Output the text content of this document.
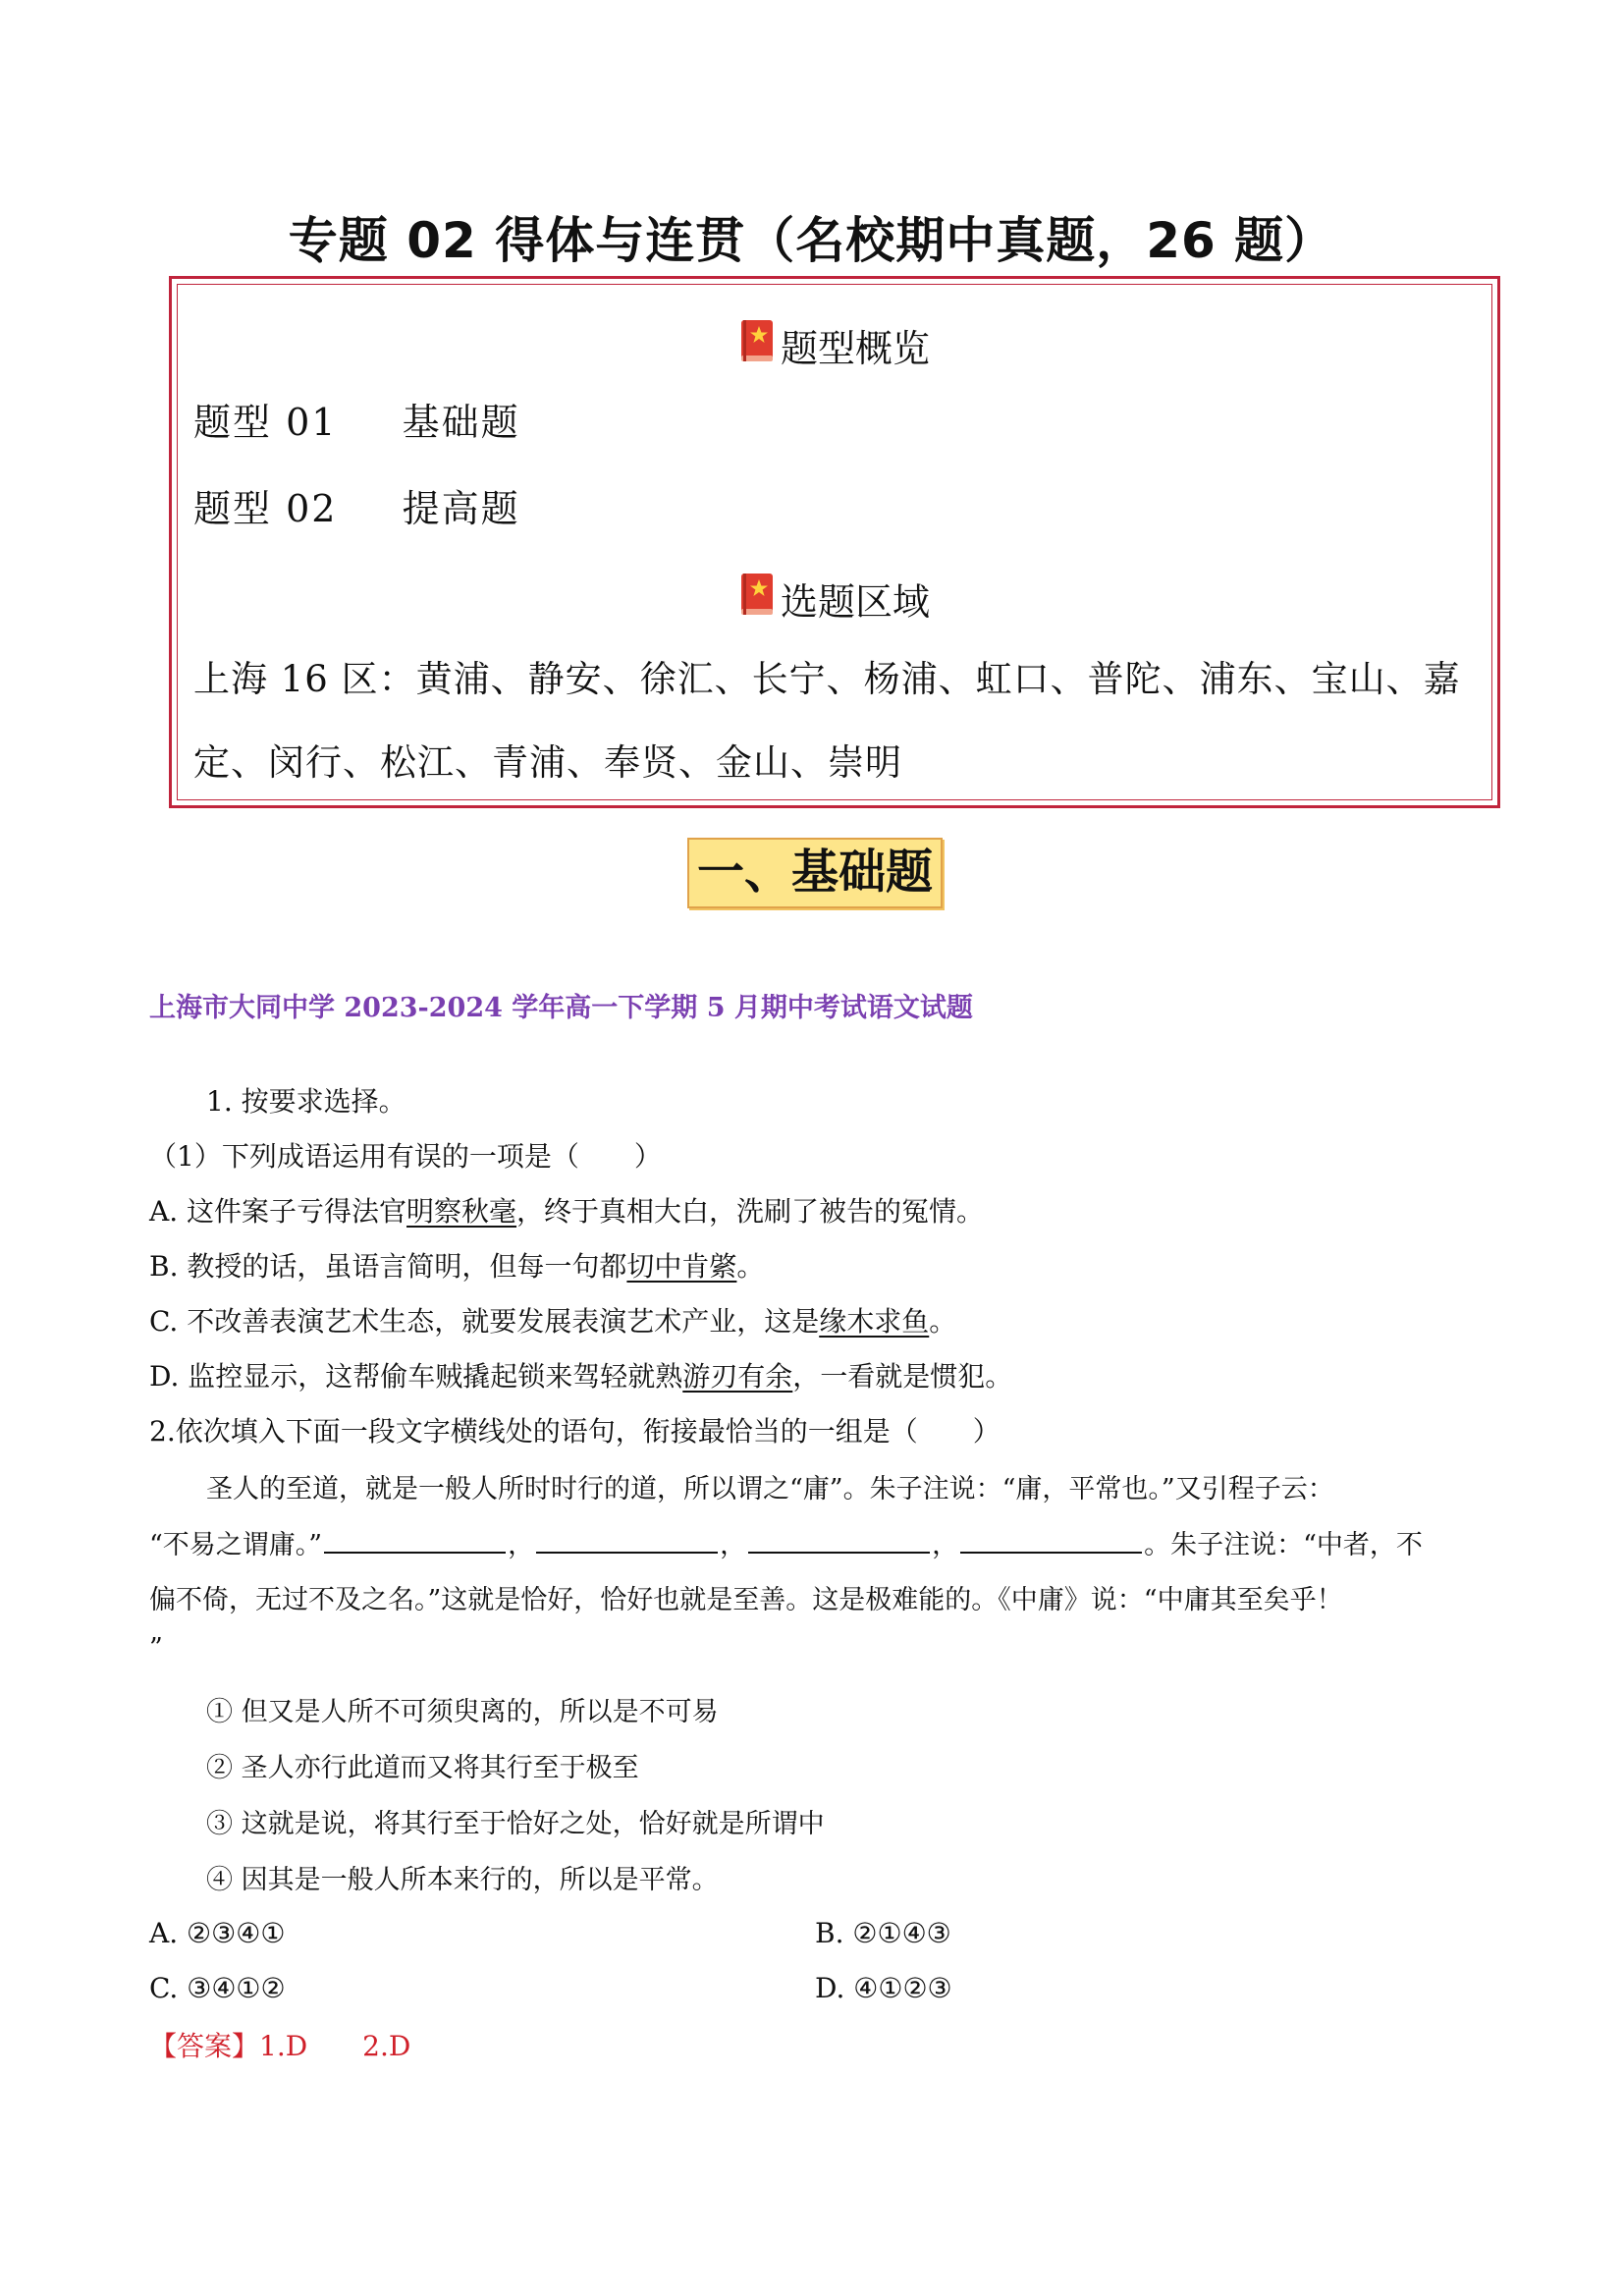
专题 02 得体与连贯（名校期中真题，26 题）
题型概览
题型 01 基础题
题型 02 提高题
选题区域
上海 16 区：黄浦、静安、徐汇、长宁、杨浦、虹口、普陀、浦东、宝山、嘉
定、闵行、松江、青浦、奉贤、金山、崇明
一、基础题
上海市大同中学 2023-2024 学年高一下学期 5 月期中考试语文试题
1. 按要求选择。
（1）下列成语运用有误的一项是（　　）
A. 这件案子亏得法官明察秋毫，终于真相大白，洗刷了被告的冤情。
B. 教授的话，虽语言简明，但每一句都切中肯綮。
C. 不改善表演艺术生态，就要发展表演艺术产业，这是缘木求鱼。
D. 监控显示，这帮偷车贼撬起锁来驾轻就熟游刃有余，一看就是惯犯。
2.依次填入下面一段文字横线处的语句，衔接最恰当的一组是（　　）
圣人的至道，就是一般人所时时行的道，所以谓之“庸”。朱子注说：“庸，平常也。”又引程子云：
“不易之谓庸。”	，	，	，	。朱子注说：“中者，不
偏不倚，无过不及之名。”这就是恰好，恰好也就是至善。这是极难能的。《中庸》说：“中庸其至矣乎！
”
① 但又是人所不可须臾离的，所以是不可易
② 圣人亦行此道而又将其行至于极至
③ 这就是说，将其行至于恰好之处，恰好就是所谓中
④ 因其是一般人所本来行的，所以是平常。
A. ②③④①	B. ②①④③
C. ③④①②	D. ④①②③
【答案】1.D　　2.D
